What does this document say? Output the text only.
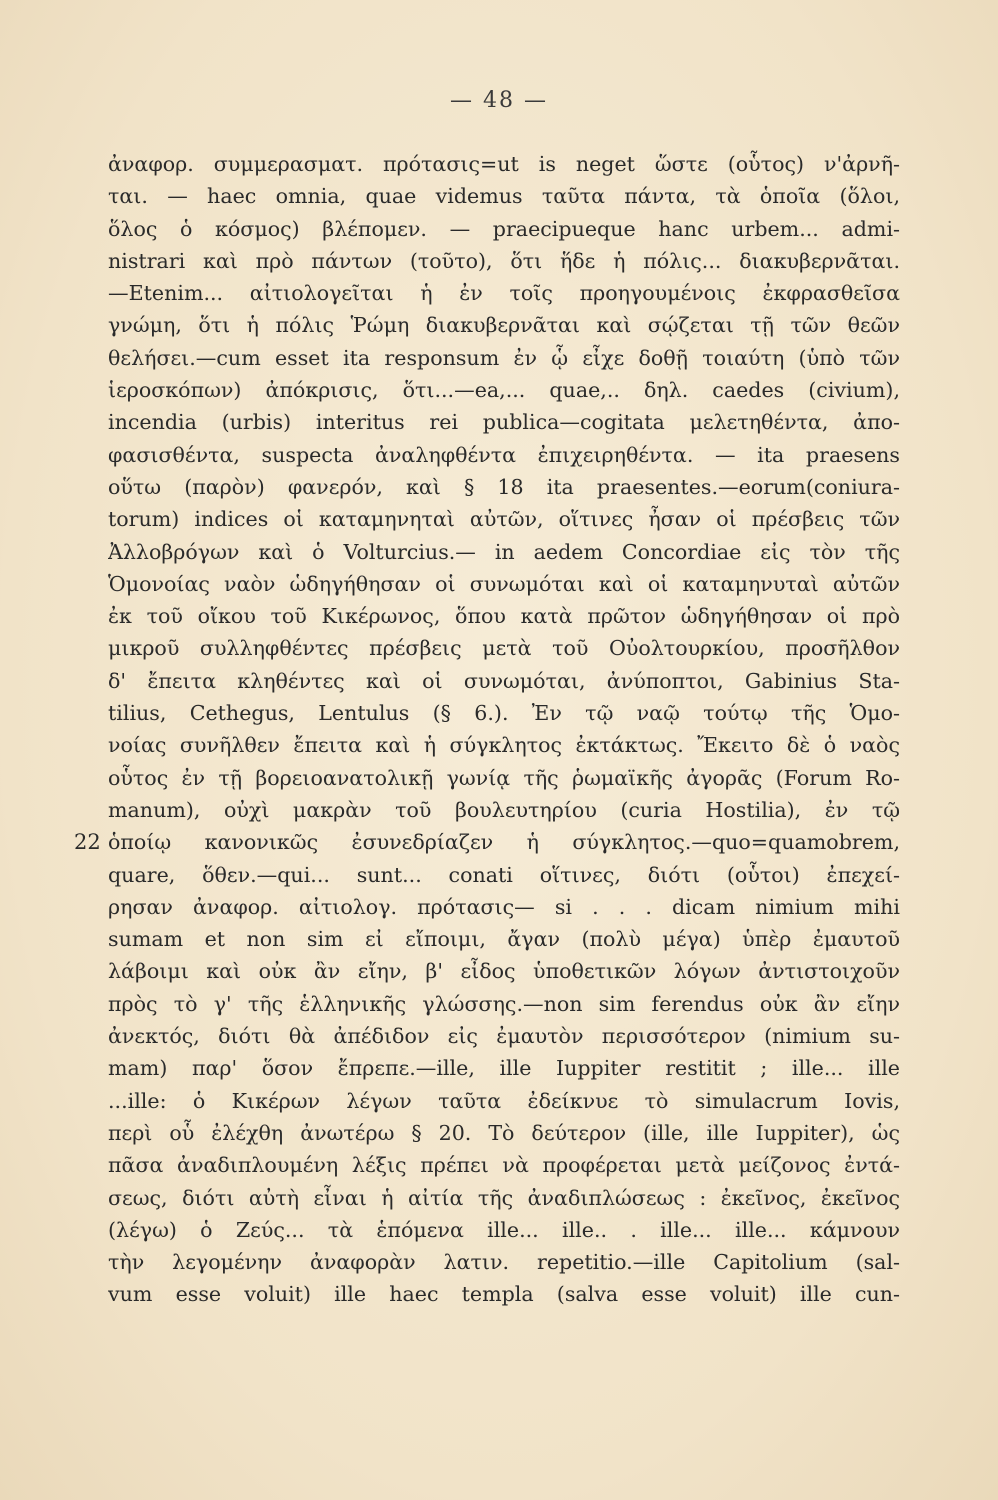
— 48 —
ἀναφορ. συμμερασματ. πρότασις=ut is neget ὥστε (οὗτος) ν'ἀρνῆ-
ται. — haec omnia, quae videmus ταῦτα πάντα, τὰ ὁποῖα (ὅλοι,
ὅλος ὁ κόσμος) βλέπομεν. — praecipueque hanc urbem... admi-
nistrari καὶ πρὸ πάντων (τοῦτο), ὅτι ἥδε ἡ πόλις... διακυβερνᾶται.
—Etenim... αἰτιολογεῖται ἡ ἐν τοῖς προηγουμένοις ἐκφρασθεῖσα
γνώμη, ὅτι ἡ πόλις Ῥώμη διακυβερνᾶται καὶ σῴζεται τῇ τῶν θεῶν
θελήσει.—cum esset ita responsum ἐν ᾧ εἶχε δοθῇ τοιαύτη (ὑπὸ τῶν
ἱεροσκόπων) ἀπόκρισις, ὅτι...—ea,... quae,.. δηλ. caedes (civium),
incendia (urbis) interitus rei publica—cogitata μελετηθέντα, ἀπο-
φασισθέντα, suspecta ἀναληφθέντα ἐπιχειρηθέντα. — ita praesens
οὕτω (παρὸν) φανερόν, καὶ § 18 ita praesentes.—eorum(coniura-
torum) indices οἱ καταμηνηταὶ αὐτῶν, οἵτινες ἦσαν οἱ πρέσβεις τῶν
Ἀλλοβρόγων καὶ ὁ Volturcius.— in aedem Concordiae εἰς τὸν τῆς
Ὁμονοίας ναὸν ὡδηγήθησαν οἱ συνωμόται καὶ οἱ καταμηνυταὶ αὐτῶν
ἐκ τοῦ οἴκου τοῦ Κικέρωνος, ὅπου κατὰ πρῶτον ὡδηγήθησαν οἱ πρὸ
μικροῦ συλληφθέντες πρέσβεις μετὰ τοῦ Οὐολτουρκίου, προσῆλθον
δ' ἔπειτα κληθέντες καὶ οἱ συνωμόται, ἀνύποπτοι, Gabinius Sta-
tilius, Cethegus, Lentulus (§ 6.). Ἐν τῷ ναῷ τούτῳ τῆς Ὁμο-
νοίας συνῆλθεν ἔπειτα καὶ ἡ σύγκλητος ἐκτάκτως. Ἔκειτο δὲ ὁ ναὸς
οὗτος ἐν τῇ βορειοανατολικῇ γωνίᾳ τῆς ῥωμαϊκῆς ἀγορᾶς (Forum Ro-
manum), οὐχὶ μακρὰν τοῦ βουλευτηρίου (curia Hostilia), ἐν τῷ
22 ὁποίῳ κανονικῶς ἐσυνεδρίαζεν ἡ σύγκλητος.—quo=quamobrem,
quare, ὅθεν.—qui... sunt... conati οἵτινες, διότι (οὗτοι) ἐπεχεί-
ρησαν ἀναφορ. αἰτιολογ. πρότασις— si . . . dicam nimium mihi
sumam et non sim εἰ εἴποιμι, ἄγαν (πολὺ μέγα) ὑπὲρ ἐμαυτοῦ
λάβοιμι καὶ οὐκ ἂν εἴην, β' εἶδος ὑποθετικῶν λόγων ἀντιστοιχοῦν
πρὸς τὸ γ' τῆς ἑλληνικῆς γλώσσης.—non sim ferendus οὐκ ἂν εἴην
ἀνεκτός, διότι θὰ ἀπέδιδον εἰς ἐμαυτὸν περισσότερον (nimium su-
mam) παρ' ὅσον ἔπρεπε.—ille, ille Iuppiter restitit ; ille... ille
...ille: ὁ Κικέρων λέγων ταῦτα ἐδείκνυε τὸ simulacrum Iovis,
περὶ οὗ ἐλέχθη ἀνωτέρω § 20. Τὸ δεύτερον (ille, ille Iuppiter), ὡς
πᾶσα ἀναδιπλουμένη λέξις πρέπει νὰ προφέρεται μετὰ μείζονος ἐντά-
σεως, διότι αὐτὴ εἶναι ἡ αἰτία τῆς ἀναδιπλώσεως : ἐκεῖνος, ἐκεῖνος
(λέγω) ὁ Ζεύς... τὰ ἑπόμενα ille... ille.. . ille... ille... κάμνουν
τὴν λεγομένην ἀναφορὰν λατιν. repetitio.—ille Capitolium (sal-
vum esse voluit) ille haec templa (salva esse voluit) ille cun-
